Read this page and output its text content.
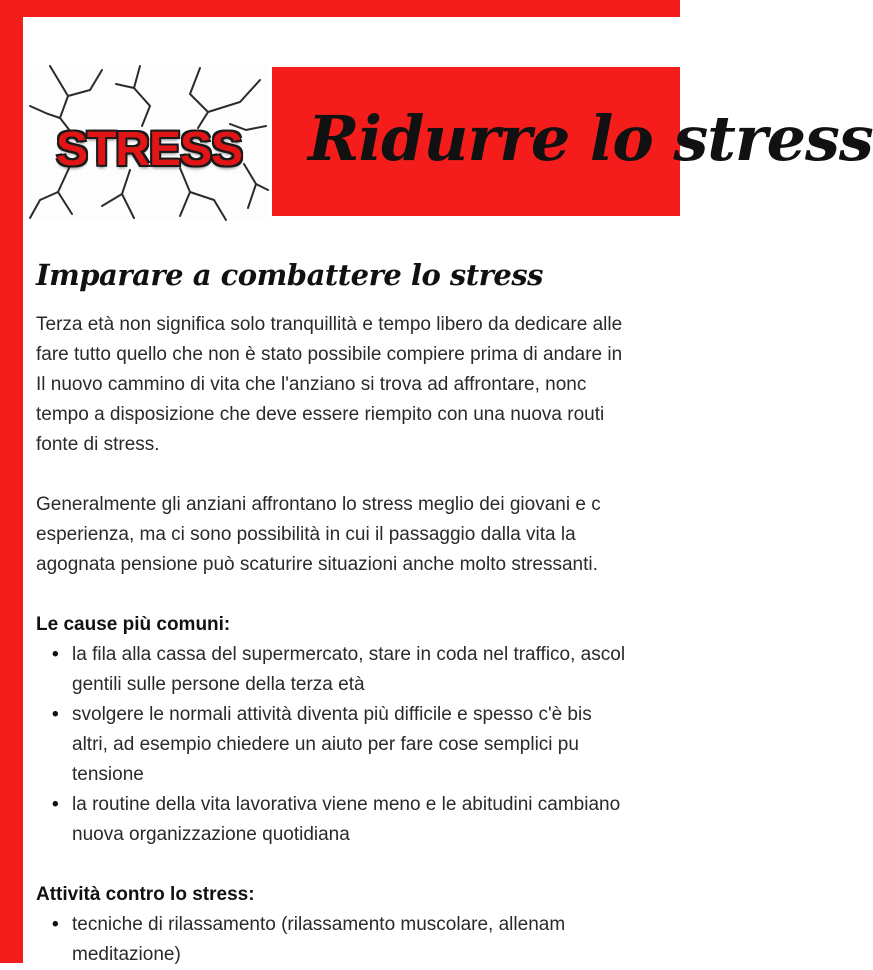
STRESS	Ridurre lo stress
Imparare a combattere lo stress

Terza età non significa solo tranquillità e tempo libero da dedicare alle
fare tutto quello che non è stato possibile compiere prima di andare in
Il nuovo cammino di vita che l'anziano si trova ad affrontare, nonc
tempo a disposizione che deve essere riempito con una nuova routi
fonte di stress.

Generalmente gli anziani affrontano lo stress meglio dei giovani e c
esperienza, ma ci sono possibilità in cui il passaggio dalla vita la
agognata pensione può scaturire situazioni anche molto stressanti.

Le cause più comuni:
• la fila alla cassa del supermercato, stare in coda nel traffico, ascol
gentili sulle persone della terza età
• svolgere le normali attività diventa più difficile e spesso c'è bis
altri, ad esempio chiedere un aiuto per fare cose semplici pu
tensione
• la routine della vita lavorativa viene meno e le abitudini cambiano
nuova organizzazione quotidiana
Attività contro lo stress:
• tecniche di rilassamento (rilassamento muscolare, allenam
meditazione)
